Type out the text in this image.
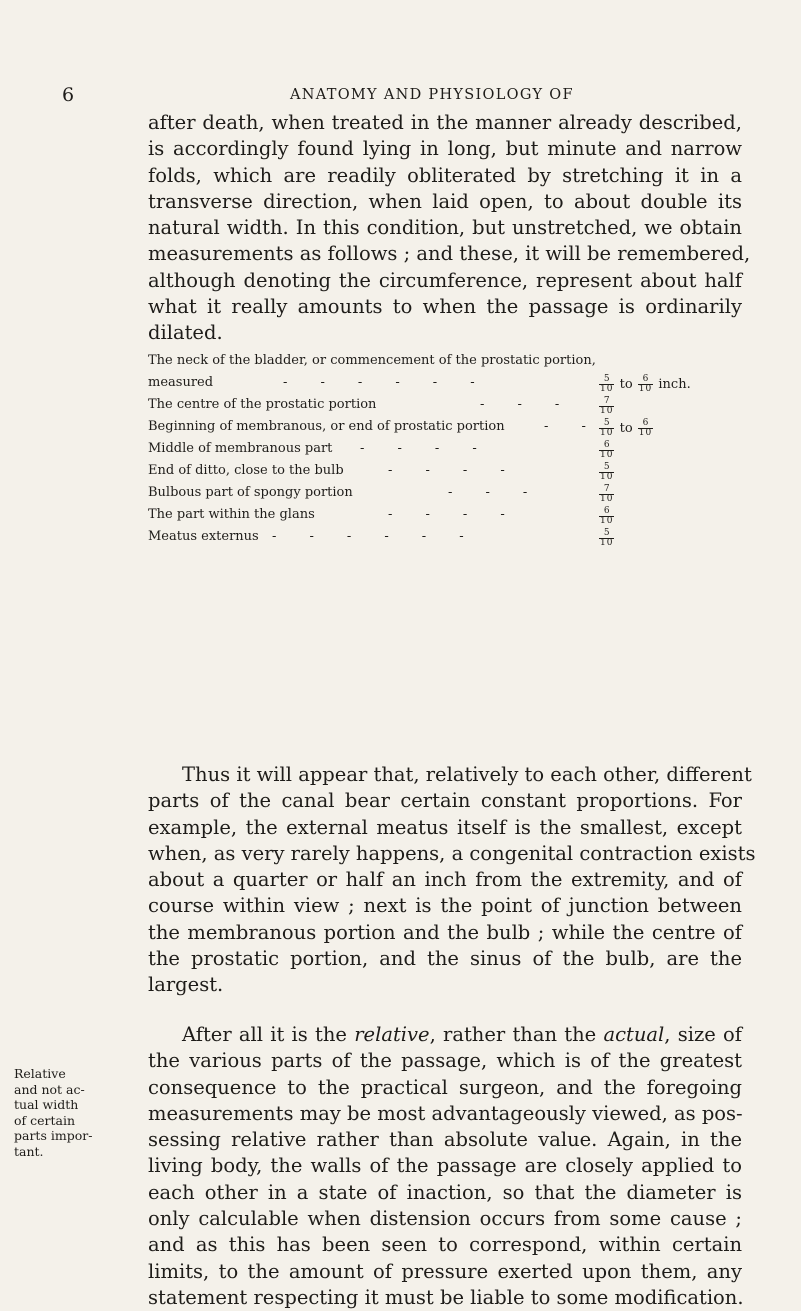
6	ANATOMY AND PHYSIOLOGY OF

after death, when treated in the manner already described,
is accordingly found lying in long, but minute and narrow
folds, which are readily obliterated by stretching it in a
transverse direction, when laid open, to about double its
natural width. In this condition, but unstretched, we obtain
measurements as follows ; and these, it will be remembered,
although denoting the circumference, represent about half
what it really amounts to when the passage is ordinarily
dilated.

The neck of the bladder, or commencement of the prostatic portion,
measured	-        -        -        -        -        -	$\frac{5}{10}$ to $\frac{6}{10}$ inch.
The centre of the prostatic portion	-        -        -	$\frac{7}{10}$
Beginning of membranous, or end of prostatic portion	-        - $\frac{5}{10}$ to $\frac{6}{10}$
Middle of membranous part -        -        -        -	$\frac{6}{10}$
End of ditto, close to the bulb	-        -        -        -	$\frac{5}{10}$
Bulbous part of spongy portion	-        -        -	$\frac{7}{10}$
The part within the glans	-        -        -        -	$\frac{6}{10}$
Meatus externus -        -        -        -        -        -	$\frac{5}{10}$

Thus it will appear that, relatively to each other, different
parts of the canal bear certain constant proportions. For
example, the external meatus itself is the smallest, except
when, as very rarely happens, a congenital contraction exists
about a quarter or half an inch from the extremity, and of
course within view ; next is the point of junction between
the membranous portion and the bulb ; while the centre of
the prostatic portion, and the sinus of the bulb, are the
largest.

After all it is the relative, rather than the actual, size of
the various parts of the passage, which is of the greatest
consequence to the practical surgeon, and the foregoing
measurements may be most advantageously viewed, as pos-
sessing relative rather than absolute value. Again, in the
living body, the walls of the passage are closely applied to
each other in a state of inaction, so that the diameter is
only calculable when distension occurs from some cause ;
and as this has been seen to correspond, within certain
limits, to the amount of pressure exerted upon them, any
statement respecting it must be liable to some modification.

Relative
and not ac-
tual width
of certain
parts impor-
tant.
